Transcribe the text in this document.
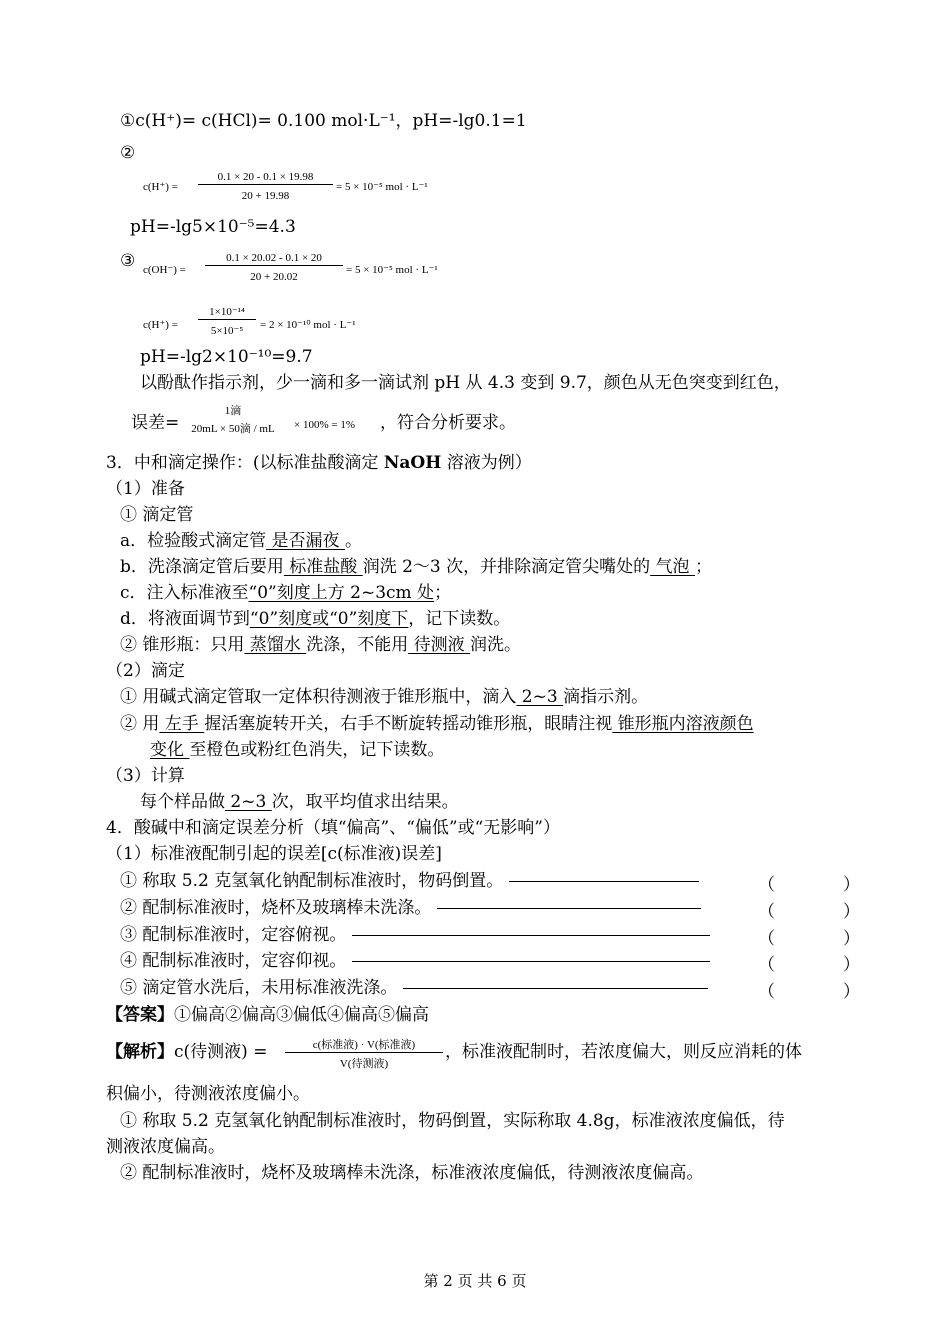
①c(H⁺)= c(HCl)= 0.100 mol·L⁻¹，pH=-lg0.1=1
②
$c(H^+) = \frac{0.1 \times 20 - 0.1 \times 19.98}{20 + 19.98} = 5 \times 10^{-5}$ mol · L⁻¹
pH=-lg5×10⁻⁵=4.3
③ $c(OH^-) = \frac{0.1 \times 20.02 - 0.1 \times 20}{20 + 20.02} = 5 \times 10^{-5}$ mol · L⁻¹
$c(H^+) = \frac{\text{1×10⁻¹⁴}}{\text{5×10⁻⁵}} = 2 \times 10^{-10}$ mol · L⁻¹
pH=-lg2×10⁻¹⁰=9.7
以酚酞作指示剂，少一滴和多一滴试剂 pH 从 4.3 变到 9.7，颜色从无色突变到红色，
误差=
1滴
20mL × 50滴 / mL	× 100% = 1% ，符合分析要求。
3．中和滴定操作：(以标准盐酸滴定 NaOH 溶液为例）
（1）准备
① 滴定管
a．检验酸式滴定管 是否漏夜 。
b．洗涤滴定管后要用 标准盐酸 润洗 2～3 次，并排除滴定管尖嘴处的 气泡 ；
c．注入标准液至“0”刻度上方 2~3cm 处；
d．将液面调节到“0”刻度或“0”刻度下，记下读数。
② 锥形瓶：只用 蒸馏水 洗涤，不能用 待测液 润洗。
（2）滴定
① 用碱式滴定管取一定体积待测液于锥形瓶中，滴入 2~3 滴指示剂。
② 用 左手 握活塞旋转开关，右手不断旋转摇动锥形瓶，眼睛注视 锥形瓶内溶液颜色
变化 至橙色或粉红色消失，记下读数。
（3）计算
每个样品做 2~3 次，取平均值求出结果。
4．酸碱中和滴定误差分析（填“偏高”、“偏低”或“无影响”）
（1）标准液配制引起的误差[c(标准液)误差]
① 称取 5.2 克氢氧化钠配制标准液时，物码倒置。	（　　　　）
② 配制标准液时，烧杯及玻璃棒未洗涤。	（　　　　）
③ 配制标准液时，定容俯视。	（　　　　）
④ 配制标准液时，定容仰视。	（　　　　）
⑤ 滴定管水洗后，未用标准液洗涤。	（　　　　）
【答案】①偏高②偏高③偏低④偏高⑤偏高
【解析】c(待测液) =	c(标准液) · V(标准液)
V(待测液)
，标准液配制时，若浓度偏大，则反应消耗的体
积偏小，待测液浓度偏小。
① 称取 5.2 克氢氧化钠配制标准液时，物码倒置，实际称取 4.8g，标准液浓度偏低，待
测液浓度偏高。
② 配制标准液时，烧杯及玻璃棒未洗涤，标准液浓度偏低，待测液浓度偏高。
第 2 页 共 6 页
